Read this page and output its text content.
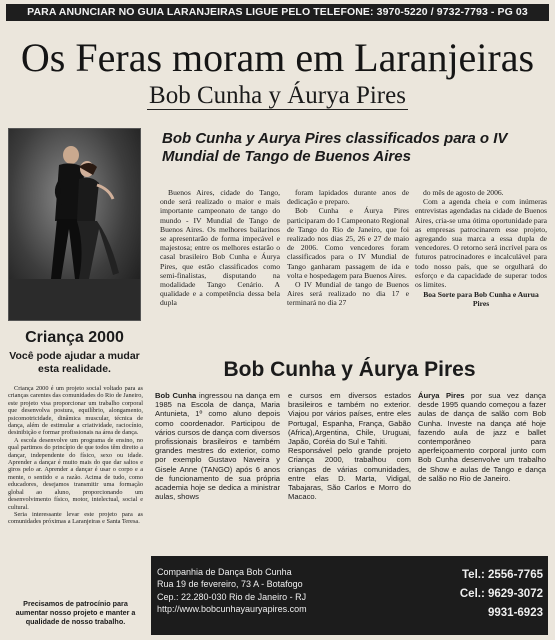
PARA ANUNCIAR NO GUIA LARANJEIRAS LIGUE PELO TELEFONE: 3970-5220 / 9732-7793 - PG 03
Os Feras moram em Laranjeiras
Bob Cunha y Áurya Pires
Criança 2000
Você pode ajudar a mudar esta realidade.

Criança 2000 é um projeto social voltado para as crianças carentes das comunidades do Rio de Janeiro, este projeto visa proporcionar um trabalho corporal que desenvolva postura, equilíbrio, alongamento, psicomotricidade, dinâmica muscular, técnica de dança, além de estimular a criatividade, raciocínio, desinibição e formar profissionais na área de dança.

A escola desenvolve um programa de ensino, no qual partimos do princípio de que todos têm direito a dançar, independente do físico, sexo ou idade. Aprender a dançar é muito mais do que dar saltos e giros pelo ar. Aprender a dançar é usar o corpo e a mente, o sentido e a razão. Acima de tudo, como educadores, desejamos transmitir uma formação global ao aluno, proporcionando um desenvolvimento físico, motor, intelectual, social e cultural.

Seria interessante levar este projeto para as comunidades próximas a Laranjeiras e Santa Teresa.

Precisamos de patrocínio para aumentar nosso projeto e manter a qualidade de nosso trabalho.
Bob Cunha y Aurya Pires classificados para o IV Mundial de Tango de Buenos Aires

Buenos Aires, cidade do Tango, onde será realizado o maior e mais importante campeonato de tango do mundo - IV Mundial de Tango de Buenos Aires. Os melhores bailarinos se apresentarão de forma impecável e majestosa; entre os melhores estarão o casal brasileiro Bob Cunha e Áurya Pires, que estão classificados como semi-finalistas, disputando na modalidade Tango Cenário. A qualidade e a competência dessa bela dupla

foram lapidados durante anos de dedicação e preparo.

Bob Cunha e Áurya Pires participaram do I Campeonato Regional de Tango do Rio de Janeiro, que foi realizado nos dias 25, 26 e 27 de maio de 2006. Como vencedores foram classificados para o IV Mundial de Tango ganharam passagem de ida e volta e hospedagem para Buenos Aires.

O IV Mundial de tango de Buenos Aires será realizado no dia 17 e terminará no dia 27

do mês de agosto de 2006.

Com a agenda cheia e com inúmeras entrevistas agendadas na cidade de Buenos Aires, cria-se uma ótima oportunidade para as empresas patrocinarem esse projeto, agregando sua marca a essa dupla de vencedores. O retorno será incrível para os futuros patrocinadores e incalculável para todo nosso país, que se orgulhará do esforço e da capacidade de superar todos os limites.

Boa Sorte para Bob Cunha e Aurua Pires
Bob Cunha y Áurya Pires
Bob Cunha ingressou na dança em 1985 na Escola de dança, Maria Antunieta, 1º como aluno depois como coordenador. Participou de vários cursos de dança com diversos profissionais brasileiros e também grandes mestres do exterior, como por exemplo Gustavo Naveira y Gisele Anne (TANGO) após 6 anos de funcionamento de sua própria academia hoje se dedica a ministrar aulas, shows
e cursos em diversos estados brasileiros e também no exterior. Viajou por vários países, entre eles Portugal, Espanha, França, Gabão (Africa),Argentina, Chile, Uruguai, Japão, Coréia do Sul e Tahiti.
Responsável pelo grande projeto Criança 2000, trabalhou com crianças de várias comunidades, entre elas D. Marta, Vidigal, Tabajaras, São Carlos e Morro do Macaco.
Áurya Pires por sua vez dança desde 1995 quando começou a fazer aulas de dança de salão com Bob Cunha. Investe na dança até hoje fazendo aula de jazz e ballet contemporâneo para aperfeiçoamento corporal junto com Bob Cunha desenvolve um trabalho de Show e aulas de Tango e dança de salão no Rio de Janeiro.
Companhia de Dança Bob Cunha
Rua 19 de fevereiro, 73 A - Botafogo
Cep.: 22.280-030 Rio de Janeiro - RJ
http://www.bobcunhayauryapires.com
Tel.: 2556-7765
Cel.: 9629-3072
9931-6923
